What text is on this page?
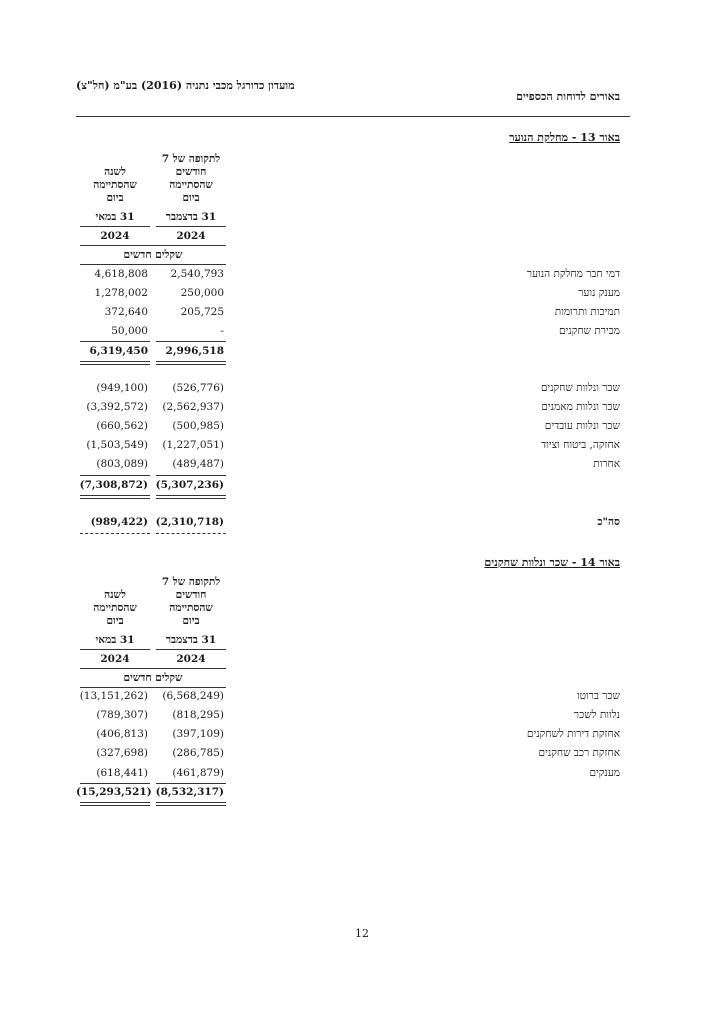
מועדון כדורגל מכבי נתניה (2016) בע"מ (חל"צ)
באורים לדוחות הכספיים
באור 13 - מחלקת הנוער
לתקופה של 7
חודשים
שהסתיימה
ביום
לשנה
שהסתיימה
ביום
31 בדצמבר
31 במאי
2024
2024
שקלים חדשים
דמי חבר מחלקת הנוער
2,540,793
4,618,808
מענק נוער
250,000
1,278,002
תמיכות ותרומות
205,725
372,640
מכירת שחקנים
-
50,000
2,996,518
6,319,450
שכר ונלוות שחקנים
(526,776)
(949,100)
שכר ונלוות מאמנים
(2,562,937)
(3,392,572)
שכר ונלוות עובדים
(500,985)
(660,562)
אחזקה, ביטוח וציוד
(1,227,051)
(1,503,549)
אחרות
(489,487)
(803,089)
(5,307,236)
(7,308,872)
סה"כ
(2,310,718)
(989,422)
באור 14 - שכר ונלוות שחקנים
לתקופה של 7
חודשים
שהסתיימה
ביום
לשנה
שהסתיימה
ביום
31 בדצמבר
31 במאי
2024
2024
שקלים חדשים
שכר ברוטו
(6,568,249)
(13,151,262)
נלוות לשכר
(818,295)
(789,307)
אחזקת דירות לשחקנים
(397,109)
(406,813)
אחזקת רכב שחקנים
(286,785)
(327,698)
מענקים
(461,879)
(618,441)
(8,532,317)
(15,293,521)
12
